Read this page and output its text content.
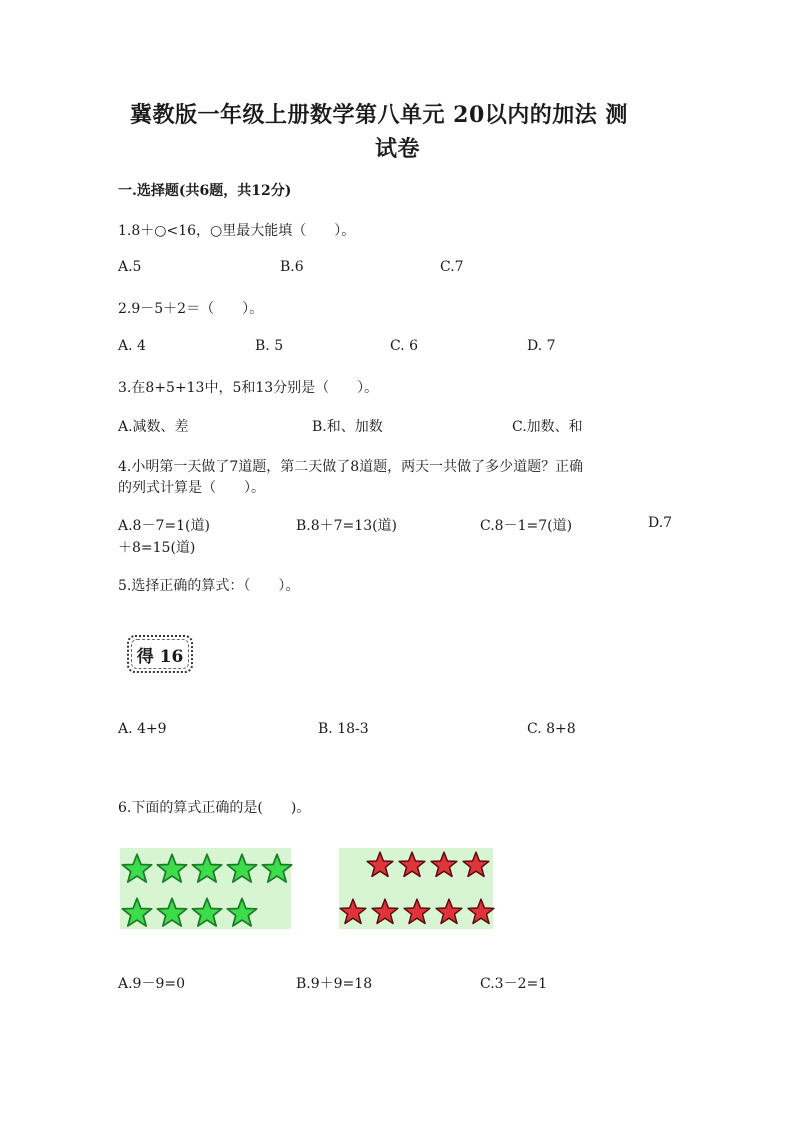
冀教版一年级上册数学第八单元 20以内的加法 测
试卷
一.选择题(共6题，共12分)
1.8＋○<16，○里最大能填（　　）。
A.5	B.6	C.7
2.9－5＋2＝（　　）。
A. 4	B. 5	C. 6	D. 7
3.在8+5+13中，5和13分别是（　　）。
A.减数、差	B.和、加数	C.加数、和
4.小明第一天做了7道题，第二天做了8道题，两天一共做了多少道题？正确
的列式计算是（　　）。
A.8－7=1(道)	B.8＋7=13(道)	C.8－1=7(道)	D.7
＋8=15(道)
5.选择正确的算式：（　　）。
得 16
A. 4+9	B. 18-3	C. 8+8
6.下面的算式正确的是(　　)。
A.9－9=0	B.9＋9=18	C.3－2=1
